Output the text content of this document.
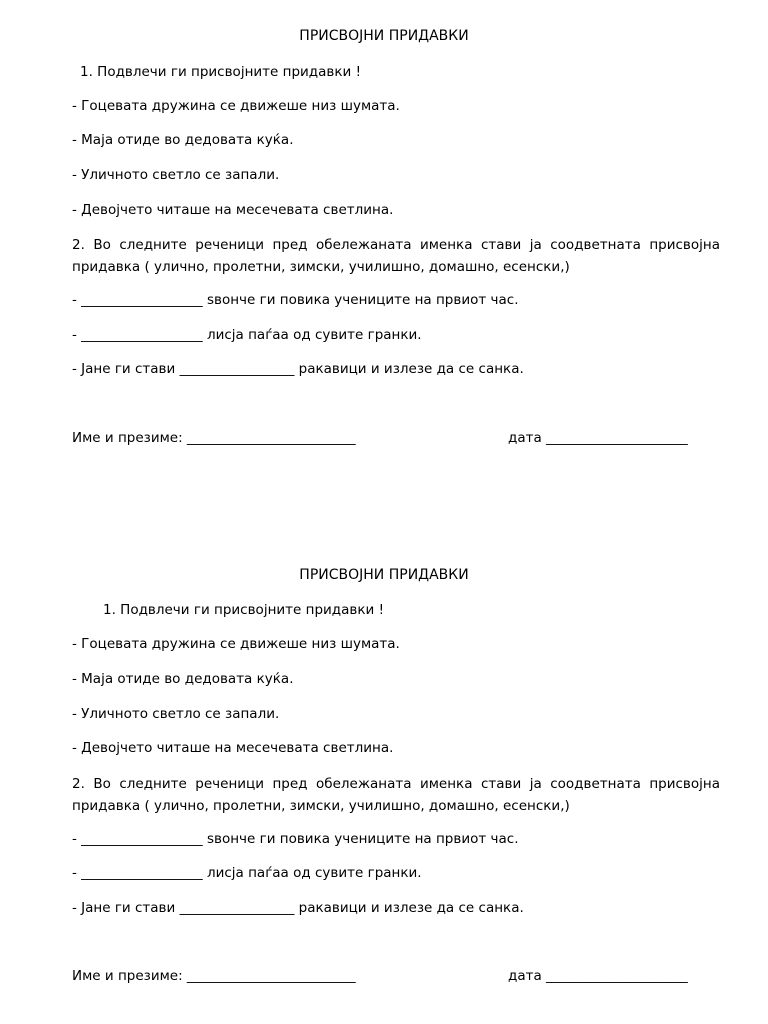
ПРИСВОЈНИ ПРИДАВКИ
1. Подвлечи ги присвојните придавки !
- Гоцевата дружина се движеше низ шумата.
- Маја отиде во дедовата куќа.
- Уличното светло се запали.
- Девојчето читаше на месечевата светлина.
2. Во следните реченици пред обележаната именка стави ја соодветната присвојна придавка ( улично, пролетни, зимски, училишно, домашно, есенски,)
- __________________ ѕвонче ги повика учениците на првиот час.
- __________________ лисја паѓаа од сувите гранки.
- Јане ги стави _________________ ракавици и излезе да се санка.
Име и презиме: _________________________	дата _____________________
ПРИСВОЈНИ ПРИДАВКИ
1. Подвлечи ги присвојните придавки !
- Гоцевата дружина се движеше низ шумата.
- Маја отиде во дедовата куќа.
- Уличното светло се запали.
- Девојчето читаше на месечевата светлина.
2. Во следните реченици пред обележаната именка стави ја соодветната присвојна придавка ( улично, пролетни, зимски, училишно, домашно, есенски,)
- __________________ ѕвонче ги повика учениците на првиот час.
- __________________ лисја паѓаа од сувите гранки.
- Јане ги стави _________________ ракавици и излезе да се санка.
Име и презиме: _________________________	дата _____________________
